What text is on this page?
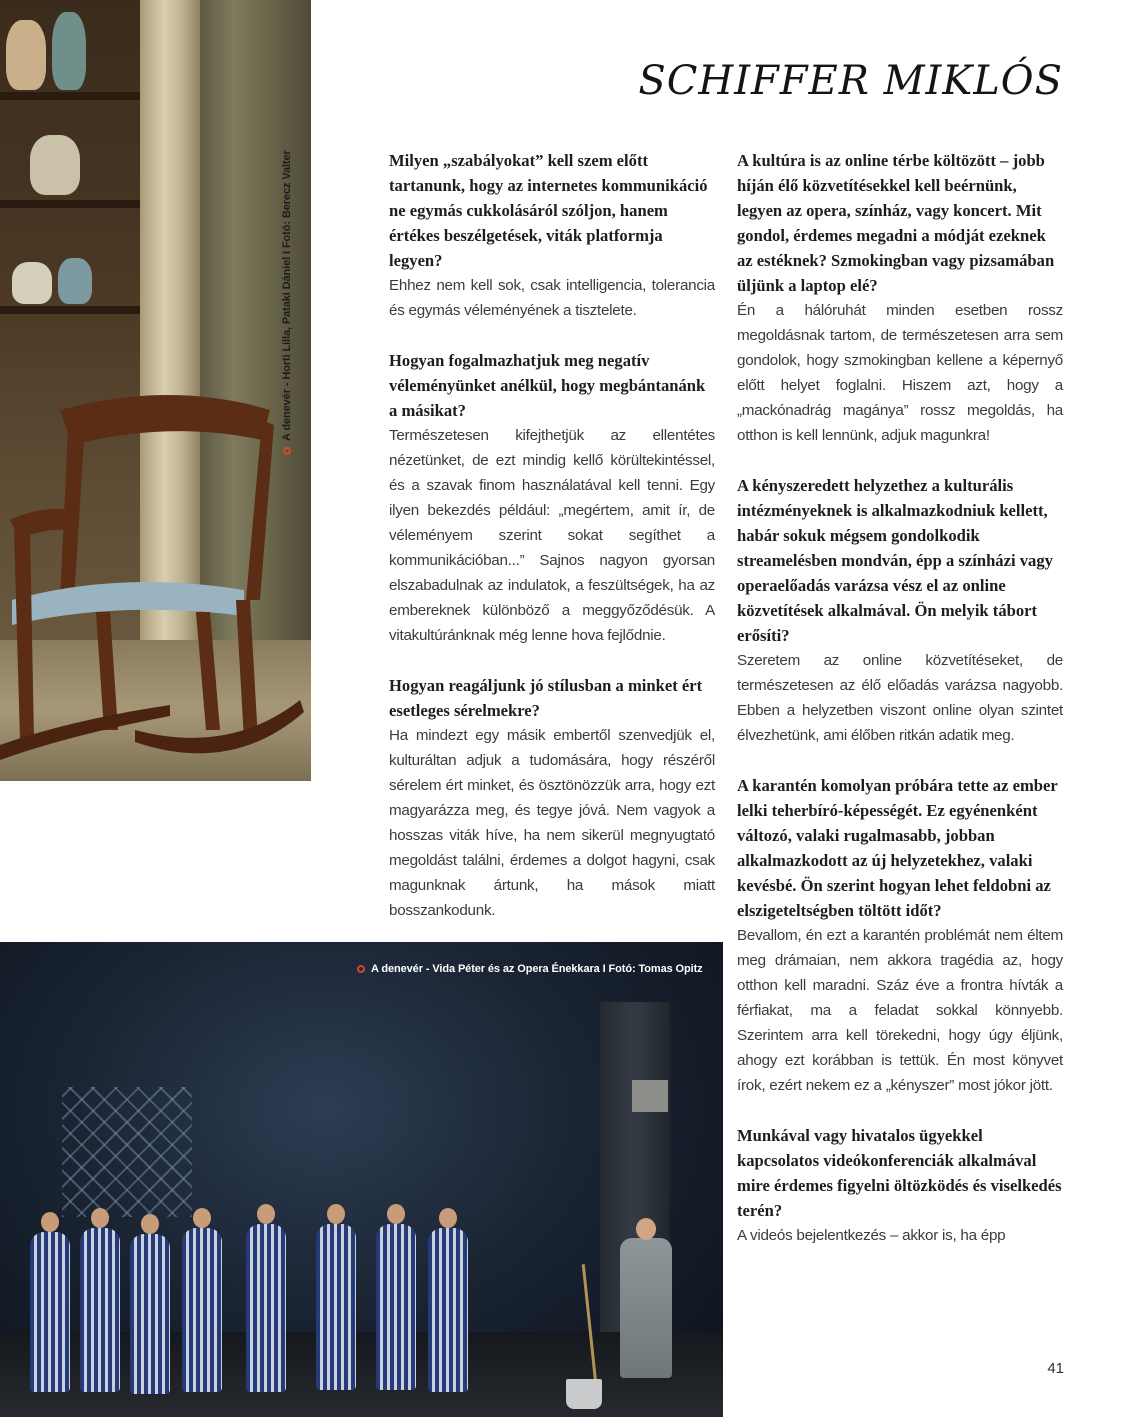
A denevér - Horti Lilla, Pataki Dániel I Fotó: Berecz Valter
A denevér - Vida Péter és az Opera Énekkara I Fotó: Tomas Opitz
SCHIFFER MIKLÓS

Milyen „szabályokat” kell szem előtt tartanunk, hogy az internetes kommunikáció ne egymás cukkolásáról szóljon, hanem értékes beszélgetések, viták platformja legyen?

Ehhez nem kell sok, csak intelligencia, tolerancia és egymás véleményének a tisztelete.

Hogyan fogalmazhatjuk meg negatív véleményünket anélkül, hogy megbántanánk a másikat?

Természetesen kifejthetjük az ellentétes nézetünket, de ezt mindig kellő körültekintéssel, és a szavak finom használatával kell tenni. Egy ilyen bekezdés például: „megértem, amit ír, de véleményem szerint sokat segíthet a kommunikációban...” Sajnos nagyon gyorsan elszabadulnak az indulatok, a feszültségek, ha az embereknek különböző a meggyőződésük. A vitakultúránknak még lenne hova fejlődnie.

Hogyan reagáljunk jó stílusban a minket ért esetleges sérelmekre?

Ha mindezt egy másik embertől szenvedjük el, kulturáltan adjuk a tudomására, hogy részéről sérelem ért minket, és ösztönözzük arra, hogy ezt magyarázza meg, és tegye jóvá. Nem vagyok a hosszas viták híve, ha nem sikerül megnyugtató megoldást találni, érdemes a dolgot hagyni, csak magunknak ártunk, ha mások miatt bosszankodunk.

A kultúra is az online térbe költözött – jobb híján élő közvetítésekkel kell beérnünk, legyen az opera, színház, vagy koncert. Mit gondol, érdemes megadni a módját ezeknek az estéknek? Szmokingban vagy pizsamában üljünk a laptop elé?

Én a hálóruhát minden esetben rossz megoldásnak tartom, de természetesen arra sem gondolok, hogy szmokingban kellene a képernyő előtt helyet foglalni. Hiszem azt, hogy a „mackónadrág magánya” rossz megoldás, ha otthon is kell lennünk, adjuk magunkra!

A kényszeredett helyzethez a kulturális intézményeknek is alkalmazkodniuk kellett, habár sokuk mégsem gondolkodik streamelésben mondván, épp a színházi vagy operaelőadás varázsa vész el az online közvetítések alkalmával. Ön melyik tábort erősíti?

Szeretem az online közvetítéseket, de természetesen az élő előadás varázsa nagyobb. Ebben a helyzetben viszont online olyan szintet élvezhetünk, ami élőben ritkán adatik meg.

A karantén komolyan próbára tette az ember lelki teherbíró-képességét. Ez egyénenként változó, valaki rugalmasabb, jobban alkalmazkodott az új helyzetekhez, valaki kevésbé. Ön szerint hogyan lehet feldobni az elszigeteltségben töltött időt?

Bevallom, én ezt a karantén problémát nem éltem meg drámaian, nem akkora tragédia az, hogy otthon kell maradni. Száz éve a frontra hívták a férfiakat, ma a feladat sokkal könnyebb. Szerintem arra kell törekedni, hogy úgy éljünk, ahogy ezt korábban is tettük. Én most könyvet írok, ezért nekem ez a „kényszer” most jókor jött.

Munkával vagy hivatalos ügyekkel kapcsolatos videókonferenciák alkalmával mire érdemes figyelni öltözködés és viselkedés terén?

A videós bejelentkezés – akkor is, ha épp

41
